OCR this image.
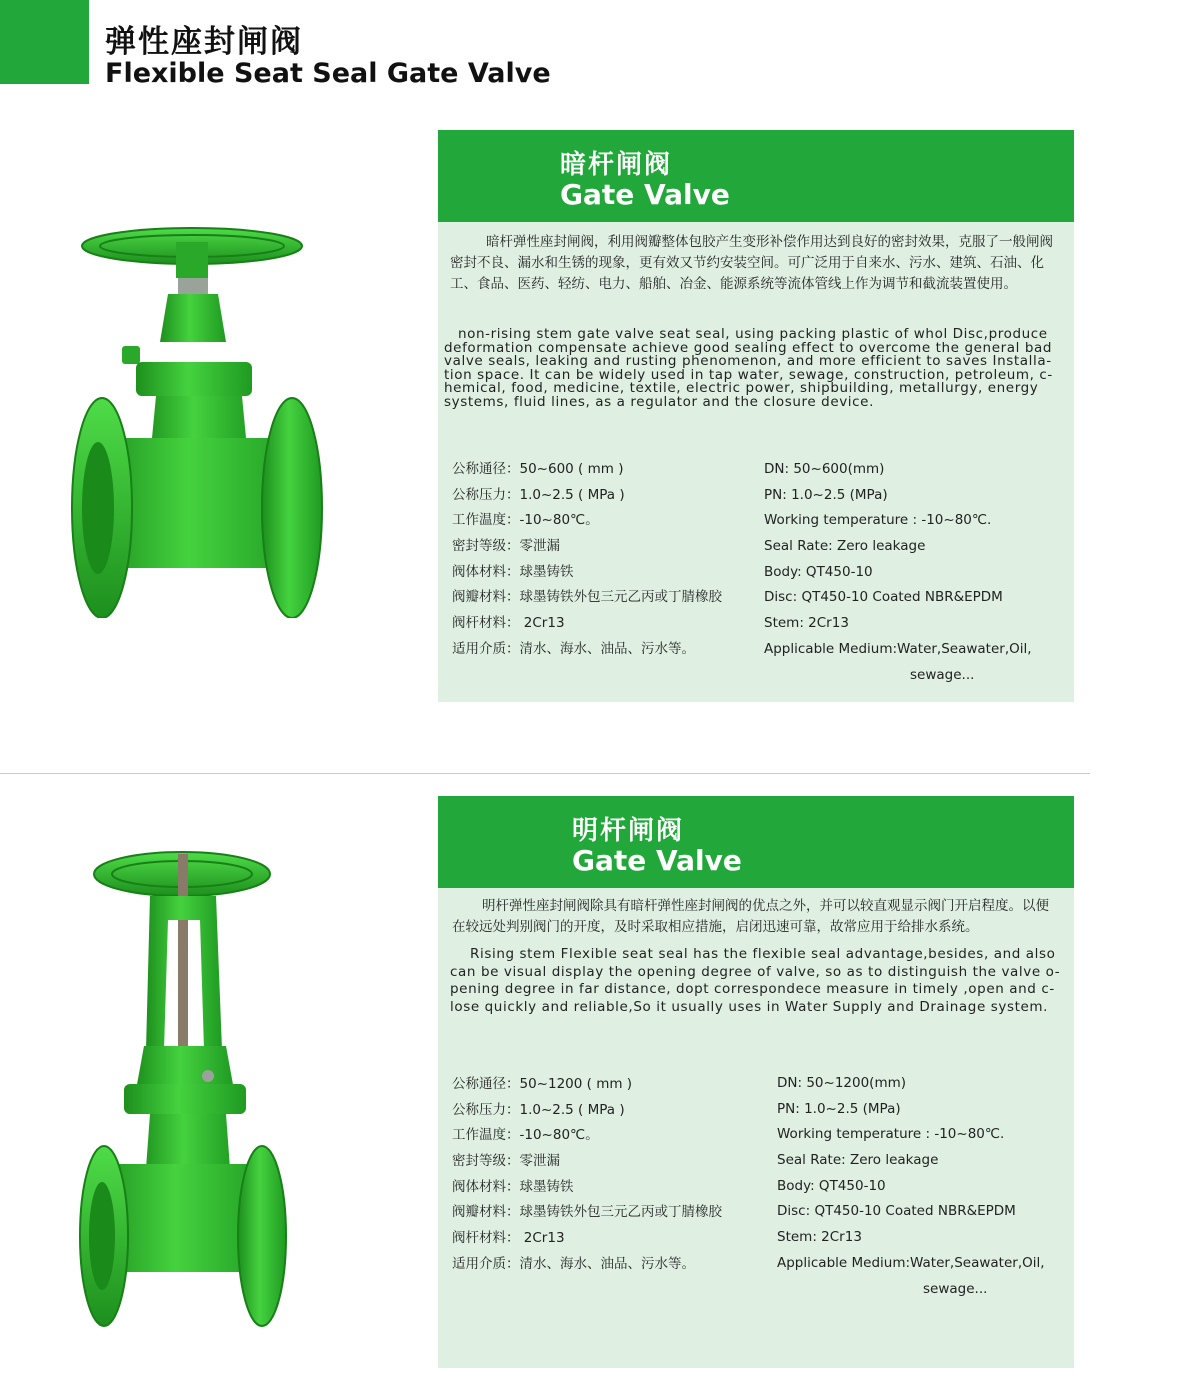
弹性座封闸阀
Flexible Seat Seal Gate Valve
暗杆闸阀
Gate Valve
暗杆弹性座封闸阀，利用阀瓣整体包胶产生变形补偿作用达到良好的密封效果，克服了一般闸阀密封不良、漏水和生锈的现象，更有效又节约安装空间。可广泛用于自来水、污水、建筑、石油、化工、食品、医药、轻纺、电力、船舶、冶金、能源系统等流体管线上作为调节和截流装置使用。
non-rising stem gate valve seat seal, using packing plastic of whol Disc,produce deformation compensate achieve good sealing effect to overcome the general bad valve seals, leaking and rusting phenomenon, and more efficient to saves Installa-tion space. It can be widely used in tap water, sewage, construction, petroleum, c-hemical, food, medicine, textile, electric power, shipbuilding, metallurgy, energy systems, fluid lines, as a regulator and the closure device.
公称通径：50~600 ( mm )
公称压力：1.0~2.5 ( MPa )
工作温度：-10~80℃。
密封等级：零泄漏
阀体材料：球墨铸铁
阀瓣材料：球墨铸铁外包三元乙丙或丁腈橡胶
阀杆材料： 2Cr13
适用介质：清水、海水、油品、污水等。
DN: 50~600(mm)
PN: 1.0~2.5 (MPa)
Working temperature : -10~80℃.
Seal Rate: Zero leakage
Body: QT450-10
Disc: QT450-10 Coated NBR&EPDM
Stem: 2Cr13
Applicable Medium:Water,Seawater,Oil,
sewage...
明杆闸阀
Gate Valve
明杆弹性座封闸阀除具有暗杆弹性座封闸阀的优点之外，并可以较直观显示阀门开启程度。以便在较远处判别阀门的开度，及时采取相应措施，启闭迅速可靠，故常应用于给排水系统。
Rising stem Flexible seat seal has the flexible seal advantage,besides, and also can be visual display the opening degree of valve, so as to distinguish the valve o-pening degree in far distance, dopt correspondece measure in timely ,open and c-lose quickly and reliable,So it usually uses in Water Supply and Drainage system.
公称通径：50~1200 ( mm )
公称压力：1.0~2.5 ( MPa )
工作温度：-10~80℃。
密封等级：零泄漏
阀体材料：球墨铸铁
阀瓣材料：球墨铸铁外包三元乙丙或丁腈橡胶
阀杆材料： 2Cr13
适用介质：清水、海水、油品、污水等。
DN: 50~1200(mm)
PN: 1.0~2.5 (MPa)
Working temperature : -10~80℃.
Seal Rate: Zero leakage
Body: QT450-10
Disc: QT450-10 Coated NBR&EPDM
Stem: 2Cr13
Applicable Medium:Water,Seawater,Oil,
sewage...
